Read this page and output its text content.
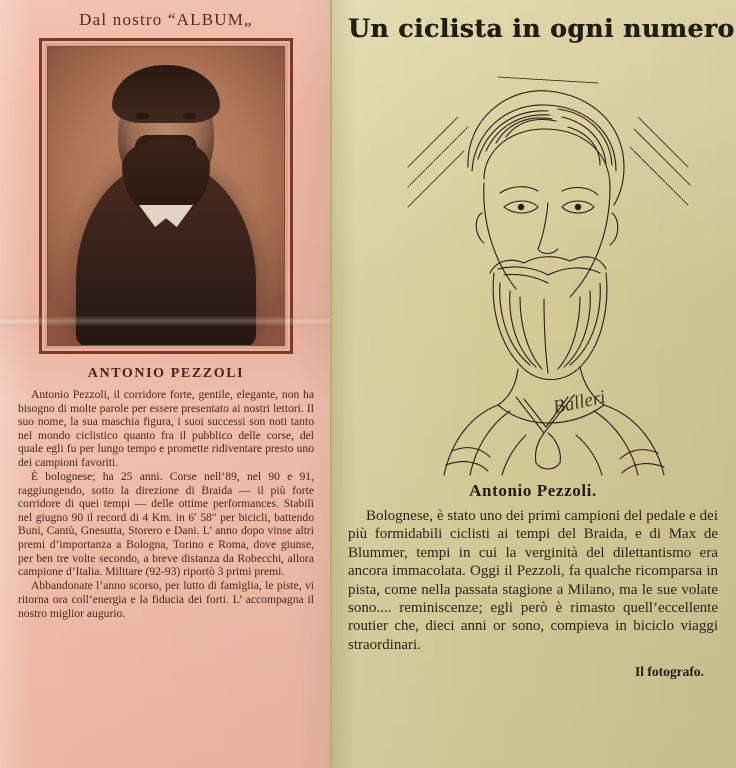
Dal nostro “ALBUM„
ANTONIO PEZZOLI

Antonio Pezzoli, il corridore forte, gentile, elegante, non ha bisogno di molte parole per essere presentato ai nostri lettori. Il suo nome, la sua maschia figura, i suoi successi son noti tanto nel mondo ciclistico quanto fra il pubblico delle corse, del quale egli fu per lungo tempo e promette ridiventare presto uno dei campioni favoriti.

È bolognese; ha 25 anni. Corse nell’89, nel 90 e 91, raggiungendo, sotto la direzione di Braida — il più forte corridore di quei tempi — delle ottime performances. Stabilì nel giugno 90 il record di 4 Km. in 6′ 58″ per bicicli, battendo Buni, Cantù, Gnesutta, Storero e Dani. L’ anno dopo vinse altri premi d’importanza a Bologna, Torino e Roma, dove giunse, per ben tre volte secondo, a breve distanza da Robecchi, allora campione d’Italia. Militare (92-93) riportò 3 primi premi.

Abbandonate l’anno scorso, per lutto di famiglia, le piste, vi ritorna ora coll’energia e la fiducia dei forti. L’ accompagna il nostro miglior augurio.

Un ciclista in ogni numero
Balleri
Antonio Pezzoli.

Bolognese, è stato uno dei primi campioni del pedale e dei più formidabili ciclisti ai tempi del Braida, e di Max de Blummer, tempi in cui la verginità del dilettantismo era ancora immacolata. Oggi il Pezzoli, fa qualche ricomparsa in pista, come nella passata stagione a Milano, ma le sue volate sono.... reminiscenze; egli però è rimasto quell’eccellente routier che, dieci anni or sono, compieva in biciclo viaggi straordinari.

Il fotografo.
